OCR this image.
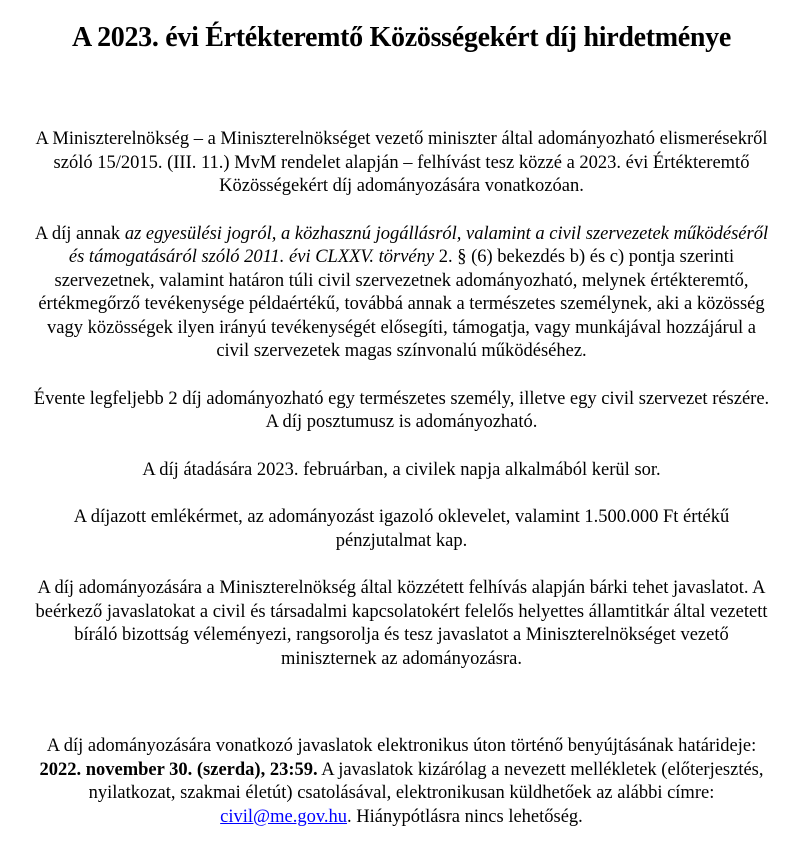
A 2023. évi Értékteremtő Közösségekért díj hirdetménye

A Miniszterelnökség – a Miniszterelnökséget vezető miniszter által adományozható elismerésekről szóló 15/2015. (III. 11.) MvM rendelet alapján – felhívást tesz közzé a 2023. évi Értékteremtő Közösségekért díj adományozására vonatkozóan.

A díj annak az egyesülési jogról, a közhasznú jogállásról, valamint a civil szervezetek működéséről és támogatásáról szóló 2011. évi CLXXV. törvény 2. § (6) bekezdés b) és c) pontja szerinti szervezetnek, valamint határon túli civil szervezetnek adományozható, melynek értékteremtő, értékmegőrző tevékenysége példaértékű, továbbá annak a természetes személynek, aki a közösség vagy közösségek ilyen irányú tevékenységét elősegíti, támogatja, vagy munkájával hozzájárul a civil szervezetek magas színvonalú működéséhez.

Évente legfeljebb 2 díj adományozható egy természetes személy, illetve egy civil szervezet részére. A díj posztumusz is adományozható.

A díj átadására 2023. februárban, a civilek napja alkalmából kerül sor.

A díjazott emlékérmet, az adományozást igazoló oklevelet, valamint 1.500.000 Ft értékű pénzjutalmat kap.

A díj adományozására a Miniszterelnökség által közzétett felhívás alapján bárki tehet javaslatot. A beérkező javaslatokat a civil és társadalmi kapcsolatokért felelős helyettes államtitkár által vezetett bíráló bizottság véleményezi, rangsorolja és tesz javaslatot a Miniszterelnökséget vezető miniszternek az adományozásra.

A díj adományozására vonatkozó javaslatok elektronikus úton történő benyújtásának határideje: 2022. november 30. (szerda), 23:59. A javaslatok kizárólag a nevezett mellékletek (előterjesztés, nyilatkozat, szakmai életút) csatolásával, elektronikusan küldhetőek az alábbi címre: civil@me.gov.hu. Hiánypótlásra nincs lehetőség.
